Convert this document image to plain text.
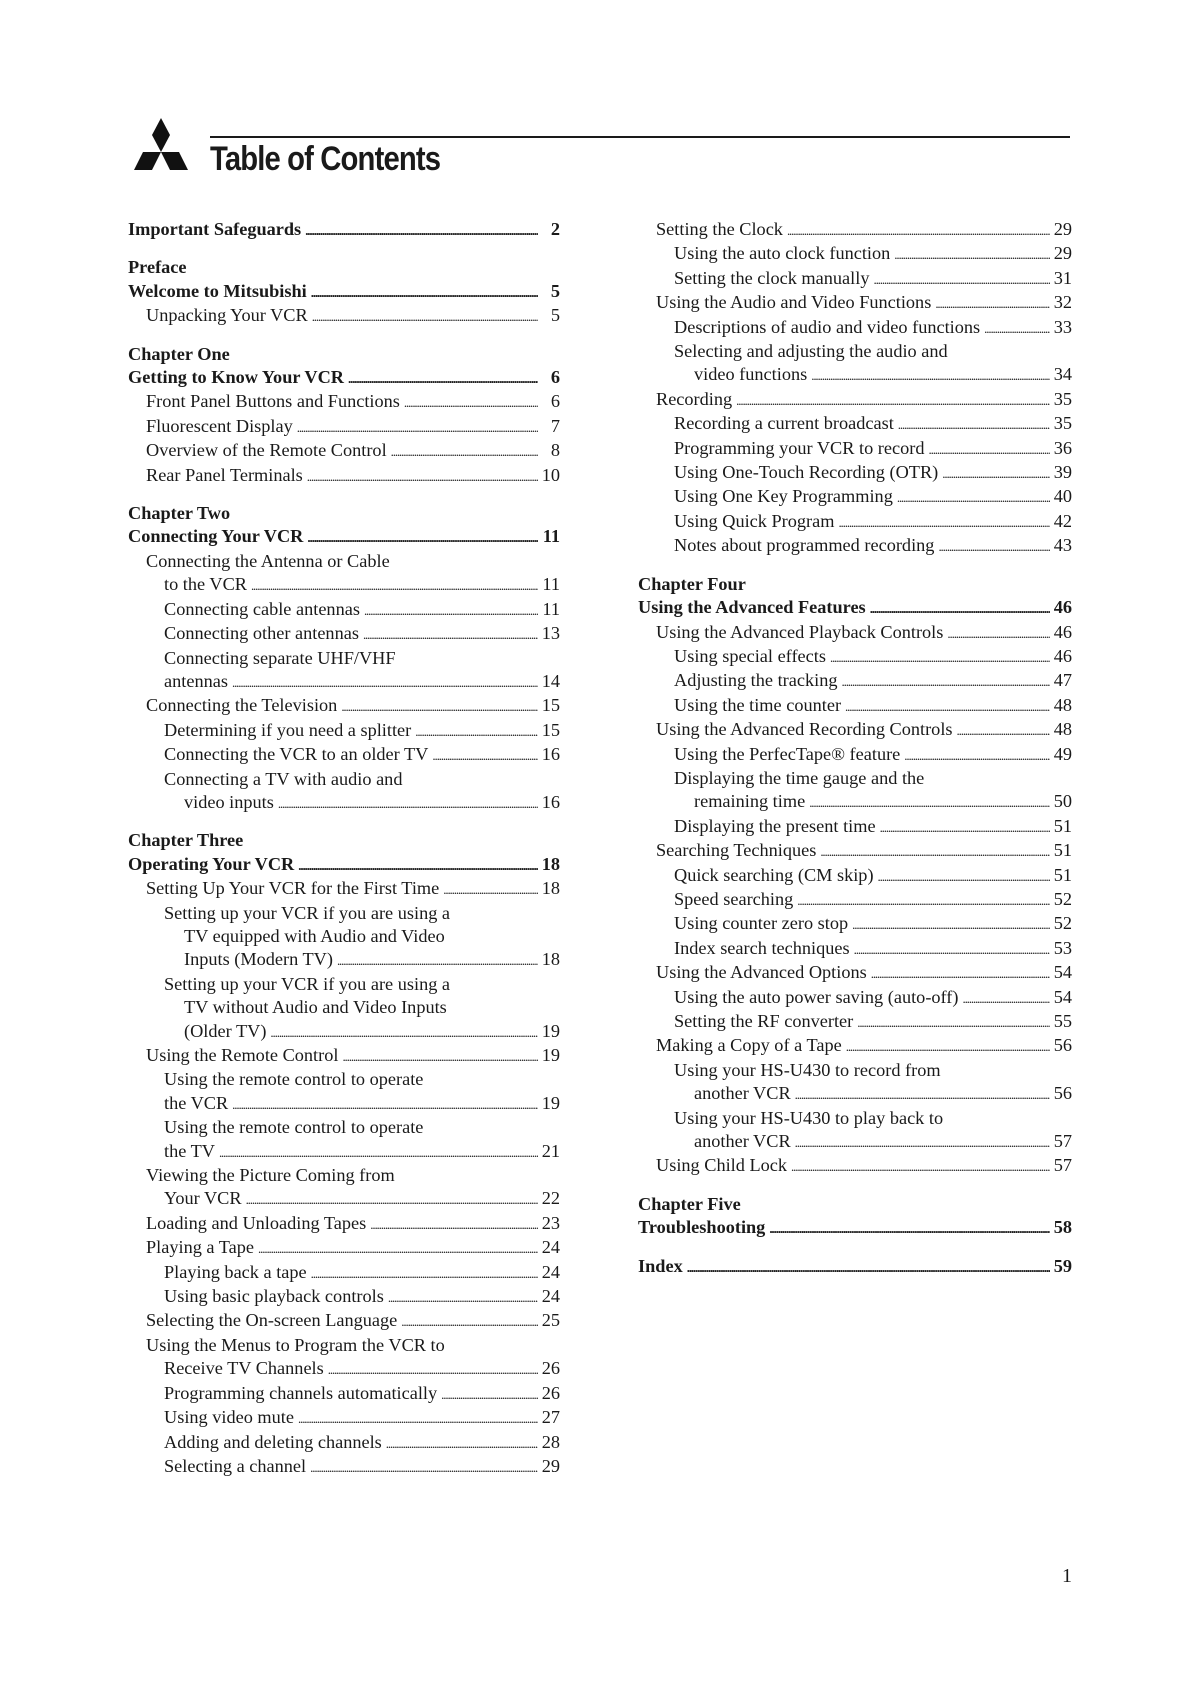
Table of Contents
Important Safeguards . . .	2
Preface
Welcome to Mitsubishi . . .	5
Unpacking Your VCR . . .	5
Chapter One
Getting to Know Your VCR . . .	6
Front Panel Buttons and Functions . . .	6
Fluorescent Display . . .	7
Overview of the Remote Control . . .	8
Rear Panel Terminals . . .	10
Chapter Two
Connecting Your VCR . . .	11
Connecting the Antenna or Cable
to the VCR . . .	11
Connecting cable antennas . . .	11
Connecting other antennas . . .	13
Connecting separate UHF/VHF
antennas . . .	14
Connecting the Television . . .	15
Determining if you need a splitter . . .	15
Connecting the VCR to an older TV . . .	16
Connecting a TV with audio and
video inputs . . .	16
Chapter Three
Operating Your VCR . . .	18
Setting Up Your VCR for the First Time . . .	18
Setting up your VCR if you are using a
TV equipped with Audio and Video
Inputs (Modern TV) . . .	18
Setting up your VCR if you are using a
TV without Audio and Video Inputs
(Older TV) . . .	19
Using the Remote Control . . .	19
Using the remote control to operate
the VCR . . .	19
Using the remote control to operate
the TV . . .	21
Viewing the Picture Coming from
Your VCR . . .	22
Loading and Unloading Tapes . . .	23
Playing a Tape . . .	24
Playing back a tape . . .	24
Using basic playback controls . . .	24
Selecting the On-screen Language . . .	25
Using the Menus to Program the VCR to
Receive TV Channels . . .	26
Programming channels automatically . . .	26
Using video mute . . .	27
Adding and deleting channels . . .	28
Selecting a channel . . .	29
Setting the Clock . . .	29
Using the auto clock function . . .	29
Setting the clock manually . . .	31
Using the Audio and Video Functions . . .	32
Descriptions of audio and video functions . . .	33
Selecting and adjusting the audio and
video functions . . .	34
Recording . . .	35
Recording a current broadcast . . .	35
Programming your VCR to record . . .	36
Using One-Touch Recording (OTR) . . .	39
Using One Key Programming . . .	40
Using Quick Program . . .	42
Notes about programmed recording . . .	43
Chapter Four
Using the Advanced Features . . .	46
Using the Advanced Playback Controls . . .	46
Using special effects . . .	46
Adjusting the tracking . . .	47
Using the time counter . . .	48
Using the Advanced Recording Controls . . .	48
Using the PerfecTape® feature . . .	49
Displaying the time gauge and the
remaining time . . .	50
Displaying the present time . . .	51
Searching Techniques . . .	51
Quick searching (CM skip) . . .	51
Speed searching . . .	52
Using counter zero stop . . .	52
Index search techniques . . .	53
Using the Advanced Options . . .	54
Using the auto power saving (auto-off) . . .	54
Setting the RF converter . . .	55
Making a Copy of a Tape . . .	56
Using your HS-U430 to record from
another VCR . . .	56
Using your HS-U430 to play back to
another VCR . . .	57
Using Child Lock . . .	57
Chapter Five
Troubleshooting . . .	58
Index . . .	59
1
